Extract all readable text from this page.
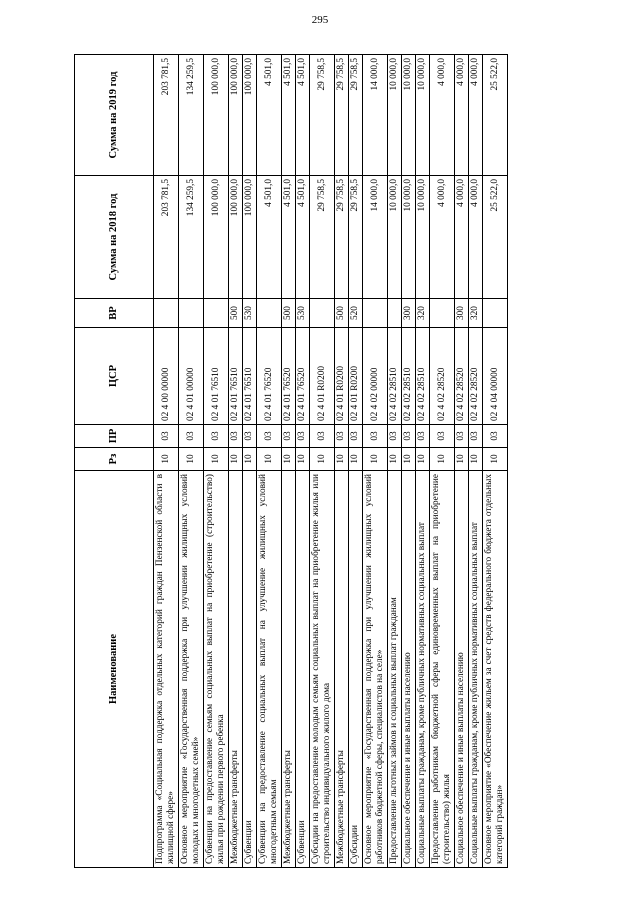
295
Наименование	Рз	ПР	ЦСР	ВР	Сумма на 2018 год	Сумма на 2019 год
Подпрограмма «Социальная поддержка отдельных категорий граждан Пензенской области в жилищной сфере»	10	03	02 4 00 00000		203 781,5	203 781,5
Основное мероприятие «Государственная поддержка при улучшении жилищных условий молодых и многодетных семей»	10	03	02 4 01 00000		134 259,5	134 259,5
Субвенции на предоставление семьям социальных выплат на приобретение (строительство) жилья при рождении первого ребенка	10	03	02 4 01 76510		100 000,0	100 000,0
Межбюджетные трансферты	10	03	02 4 01 76510	500	100 000,0	100 000,0
Субвенции	10	03	02 4 01 76510	530	100 000,0	100 000,0
Субвенции на предоставление социальных выплат на улучшение жилищных условий многодетным семьям	10	03	02 4 01 76520		4 501,0	4 501,0
Межбюджетные трансферты	10	03	02 4 01 76520	500	4 501,0	4 501,0
Субвенции	10	03	02 4 01 76520	530	4 501,0	4 501,0
Субсидии на предоставление молодым семьям социальных выплат на приобретение жилья или строительство индивидуального жилого дома	10	03	02 4 01 R0200		29 758,5	29 758,5
Межбюджетные трансферты	10	03	02 4 01 R0200	500	29 758,5	29 758,5
Субсидии	10	03	02 4 01 R0200	520	29 758,5	29 758,5
Основное мероприятие «Государственная поддержка при улучшении жилищных условий работников бюджетной сферы, специалистов на селе»	10	03	02 4 02 00000		14 000,0	14 000,0
Предоставление льготных займов и социальных выплат гражданам	10	03	02 4 02 28510		10 000,0	10 000,0
Социальное обеспечение и иные выплаты населению	10	03	02 4 02 28510	300	10 000,0	10 000,0
Социальные выплаты гражданам, кроме публичных нормативных социальных выплат	10	03	02 4 02 28510	320	10 000,0	10 000,0
Предоставление работникам бюджетной сферы единовременных выплат на приобретение (строительство) жилья	10	03	02 4 02 28520		4 000,0	4 000,0
Социальное обеспечение и иные выплаты населению	10	03	02 4 02 28520	300	4 000,0	4 000,0
Социальные выплаты гражданам, кроме публичных нормативных социальных выплат	10	03	02 4 02 28520	320	4 000,0	4 000,0
Основное мероприятие «Обеспечение жильем за счет средств федерального бюджета отдельных категорий граждан»	10	03	02 4 04 00000		25 522,0	25 522,0
